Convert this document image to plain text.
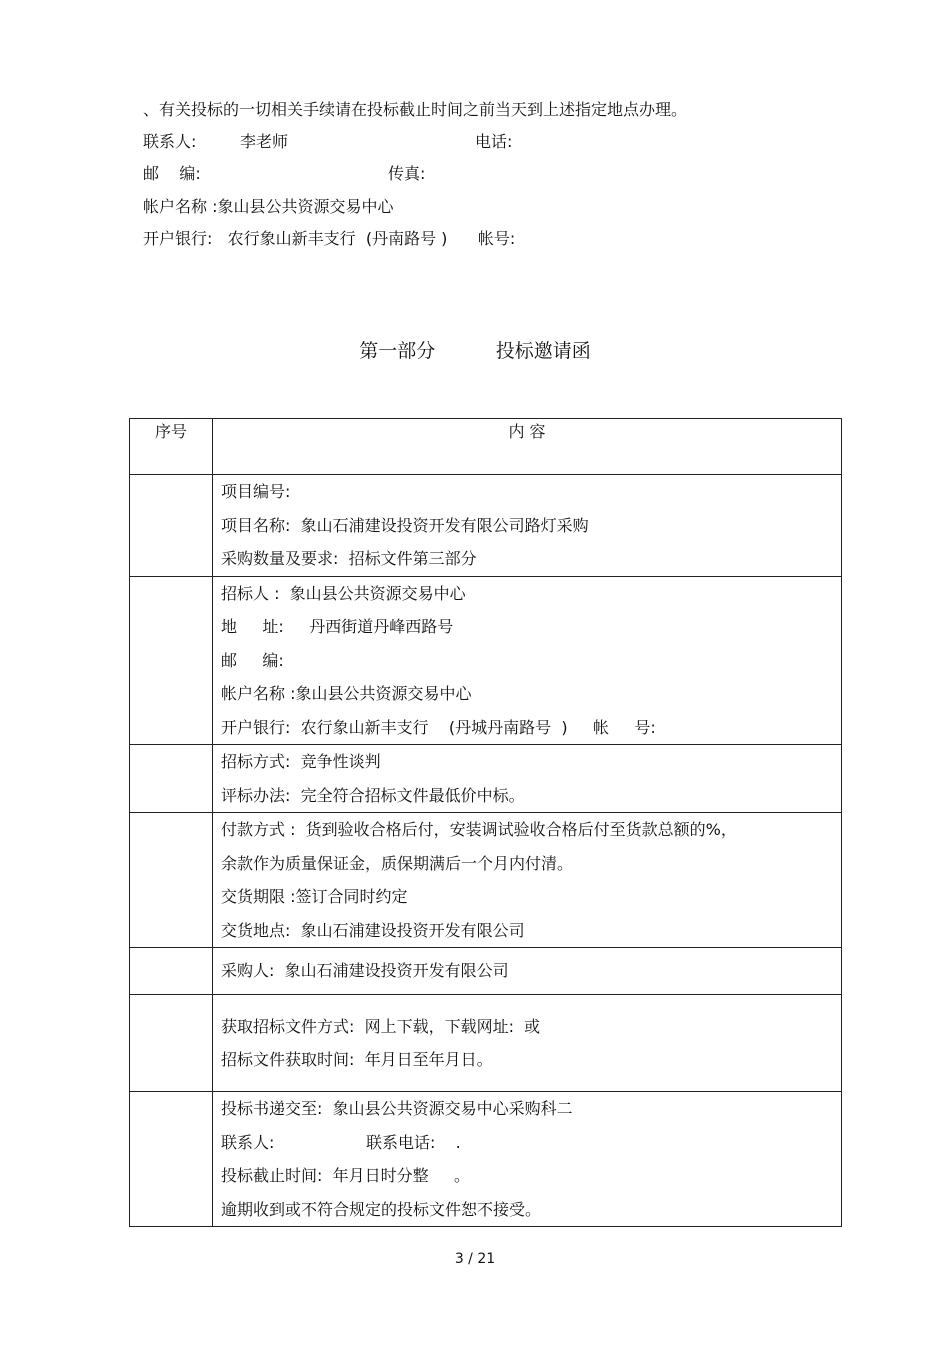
、有关投标的一切相关手续请在投标截止时间之前当天到上述指定地点办理。
联系人:	李老师	电话:
邮    编:	传真:
帐户名称 :象山县公共资源交易中心
开户银行:   农行象山新丰支行  (丹南路号 )      帐号:
第一部分          投标邀请函
序号	内 容

	项目编号:
项目名称:  象山石浦建设投资开发有限公司路灯采购
采购数量及要求:  招标文件第三部分

	招标人 :  象山县公共资源交易中心
地     址:     丹西街道丹峰西路号
邮     编:
帐户名称 :象山县公共资源交易中心
开户银行:  农行象山新丰支行    (丹城丹南路号  )     帐     号:

	招标方式:  竞争性谈判
评标办法:  完全符合招标文件最低价中标。

	付款方式 :  货到验收合格后付，安装调试验收合格后付至货款总额的%，
余款作为质量保证金，质保期满后一个月内付清。
交货期限 :签订合同时约定
交货地点:  象山石浦建设投资开发有限公司

	采购人:  象山石浦建设投资开发有限公司

	获取招标文件方式:  网上下载，下载网址:  或
招标文件获取时间:  年月日至年月日。

	投标书递交至:  象山县公共资源交易中心采购科二
联系人:                  联系电话:    .
投标截止时间:  年月日时分整     。
逾期收到或不符合规定的投标文件恕不接受。
3 / 21
